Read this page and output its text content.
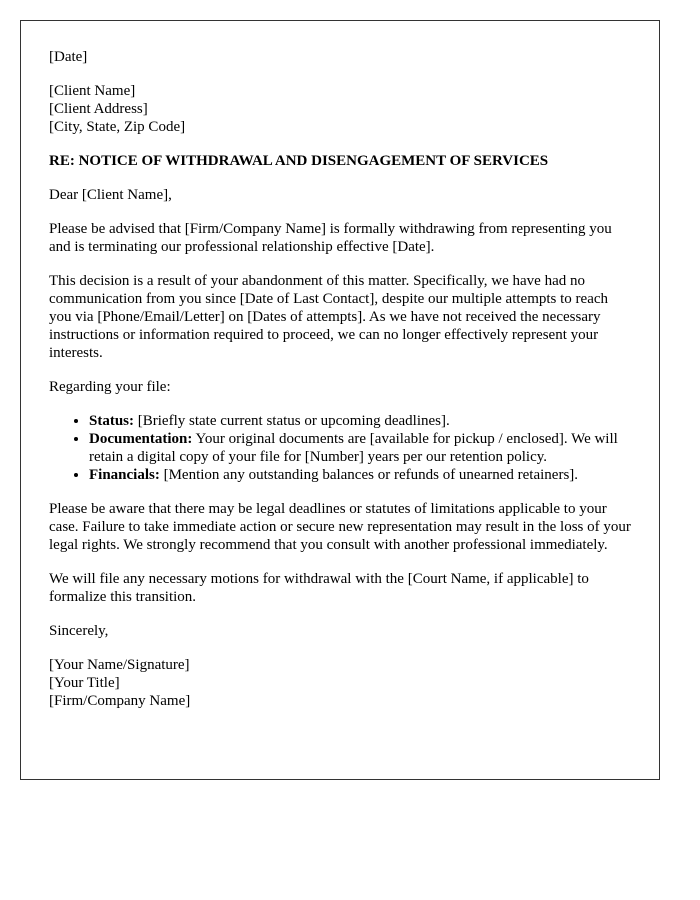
[Date]

[Client Name]
[Client Address]
[City, State, Zip Code]

RE: NOTICE OF WITHDRAWAL AND DISENGAGEMENT OF SERVICES

Dear [Client Name],

Please be advised that [Firm/Company Name] is formally withdrawing from representing you and is terminating our professional relationship effective [Date].

This decision is a result of your abandonment of this matter. Specifically, we have had no communication from you since [Date of Last Contact], despite our multiple attempts to reach you via [Phone/Email/Letter] on [Dates of attempts]. As we have not received the necessary instructions or information required to proceed, we can no longer effectively represent your interests.

Regarding your file:

• Status: [Briefly state current status or upcoming deadlines].
• Documentation: Your original documents are [available for pickup / enclosed]. We will retain a digital copy of your file for [Number] years per our retention policy.
• Financials: [Mention any outstanding balances or refunds of unearned retainers].

Please be aware that there may be legal deadlines or statutes of limitations applicable to your case. Failure to take immediate action or secure new representation may result in the loss of your legal rights. We strongly recommend that you consult with another professional immediately.

We will file any necessary motions for withdrawal with the [Court Name, if applicable] to formalize this transition.

Sincerely,

[Your Name/Signature]
[Your Title]
[Firm/Company Name]
